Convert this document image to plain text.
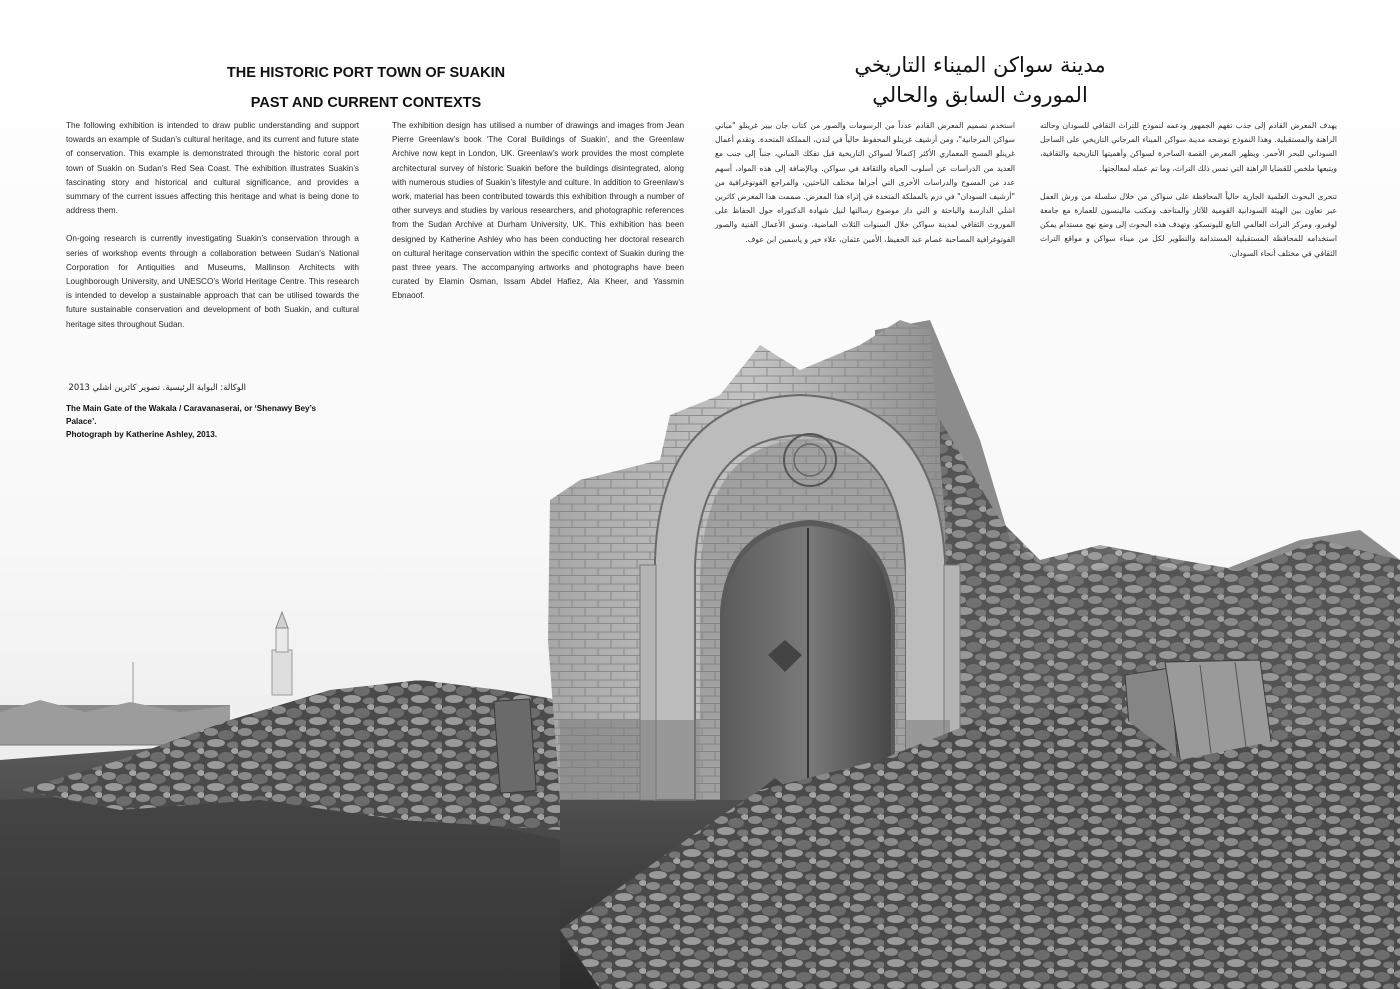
THE HISTORIC PORT TOWN OF SUAKIN
PAST AND CURRENT CONTEXTS
مدينة سواكن الميناء التاريخي
الموروث السابق والحالي

The following exhibition is intended to draw public understanding and support towards an example of Sudan’s cultural heritage, and its current and future state of conservation. This example is demonstrated through the historic coral port town of Suakin on Sudan’s Red Sea Coast. The exhibition illustrates Suakin’s fascinating story and historical and cultural significance, and provides a summary of the current issues affecting this heritage and what is being done to address them.

On-going research is currently investigating Suakin’s conservation through a series of workshop events through a collaboration between Sudan’s National Corporation for Antiquities and Museums, Mallinson Architects with Loughborough University, and UNESCO’s World Heritage Centre. This research is intended to develop a sustainable approach that can be utilised towards the future sustainable conservation and development of both Suakin, and cultural heritage sites throughout Sudan.

The exhibition design has utilised a number of drawings and images from Jean Pierre Greenlaw’s book ‘The Coral Buildings of Suakin’, and the Greenlaw Archive now kept in London, UK. Greenlaw’s work provides the most complete architectural survey of historic Suakin before the buildings disintegrated, along with numerous studies of Suakin’s lifestyle and culture. In addition to Greenlaw’s work, material has been contributed towards this exhibition through a number of other surveys and studies by various researchers, and photographic references from the Sudan Archive at Durham University, UK. This exhibition has been designed by Katherine Ashley who has been conducting her doctoral research on cultural heritage conservation within the specific context of Suakin during the past three years. The accompanying artworks and photographs have been curated by Elamin Osman, Issam Abdel Hafiez, Ala Kheer, and Yassmin Ebnaoof.

استخدم تصميم المعرض القادم عدداً من الرسومات والصور من كتاب جان بيير غرينلو "مباني سواكن المرجانية"، ومن أرشيف غرينلو المحفوظ حالياً في لندن، المملكة المتحدة. وتقدم أعمال غرينلو المسح المعماري الأكثر إكتمالاً لسواكن التاريخية قبل تفكك المباني، جنباً إلى جنب مع العديد من الدراسات عن أسلوب الحياة والثقافة في سواكن. وبالإضافة إلى هذه المواد، أسهم عدد من المسوح والدراسات الأخرى التي أجراها مختلف الباحثين، والمراجع الفوتوغرافية من "أرشيف السودان" في درم بالمملكة المتحدة في إثراء هذا المعرض. صممت هذا المعرض كاثرين اشلي الدارسة والباحثة و التي دار موضوع رسالتها لنيل شهادة الدكتوراه حول الحفاظ على الموروث الثقافي لمدينة سواكن خلال السنوات الثلاث الماضية، ونسق الأعمال الفنية والصور الفوتوغرافية المصاحبة عصام عبد الحفيظ، الأمين عثمان، علاء خير و ياسمين ابن عوف.

يهدف المعرض القادم إلى جذب تفهم الجمهور ودعمه لنموذج للتراث الثقافي للسودان وحالته الراهنة والمستقبلية. وهذا النموذج توضحه مدينة سواكن الميناء المرجاني التاريخي على الساحل السوداني للبحر الأحمر. ويظهر المعرض القصة الساحرة لسواكن وأهميتها التاريخية والثقافية، ويتبعها ملخص للقضايا الراهنة التي تمس ذلك التراث، وما تم عمله لمعالجتها.

تتحرى البحوث العلمية الجارية حالياً المحافظة على سواكن من خلال سلسلة من ورش العمل عبر تعاون بين الهيئة السودانية القومية للآثار والمتاحف ومكتب مالينسون للعمارة مع جامعة لوفبرو، ومركز التراث العالمي التابع لليونسكو. وتهدف هذه البحوث إلى وضع نهج مستدام يمكن استخدامه للمحافظة المستقبلية المستدامة والتطوير لكل من ميناء سواكن و مواقع التراث الثقافي في مختلف أنحاء السودان.

الوكالة: البوابة الرئيسية. تصوير كاثرين اشلي 2013
The Main Gate of the Wakala / Caravanaserai, or ‘Shenawy Bey’s Palace’.
Photograph by Katherine Ashley, 2013.
